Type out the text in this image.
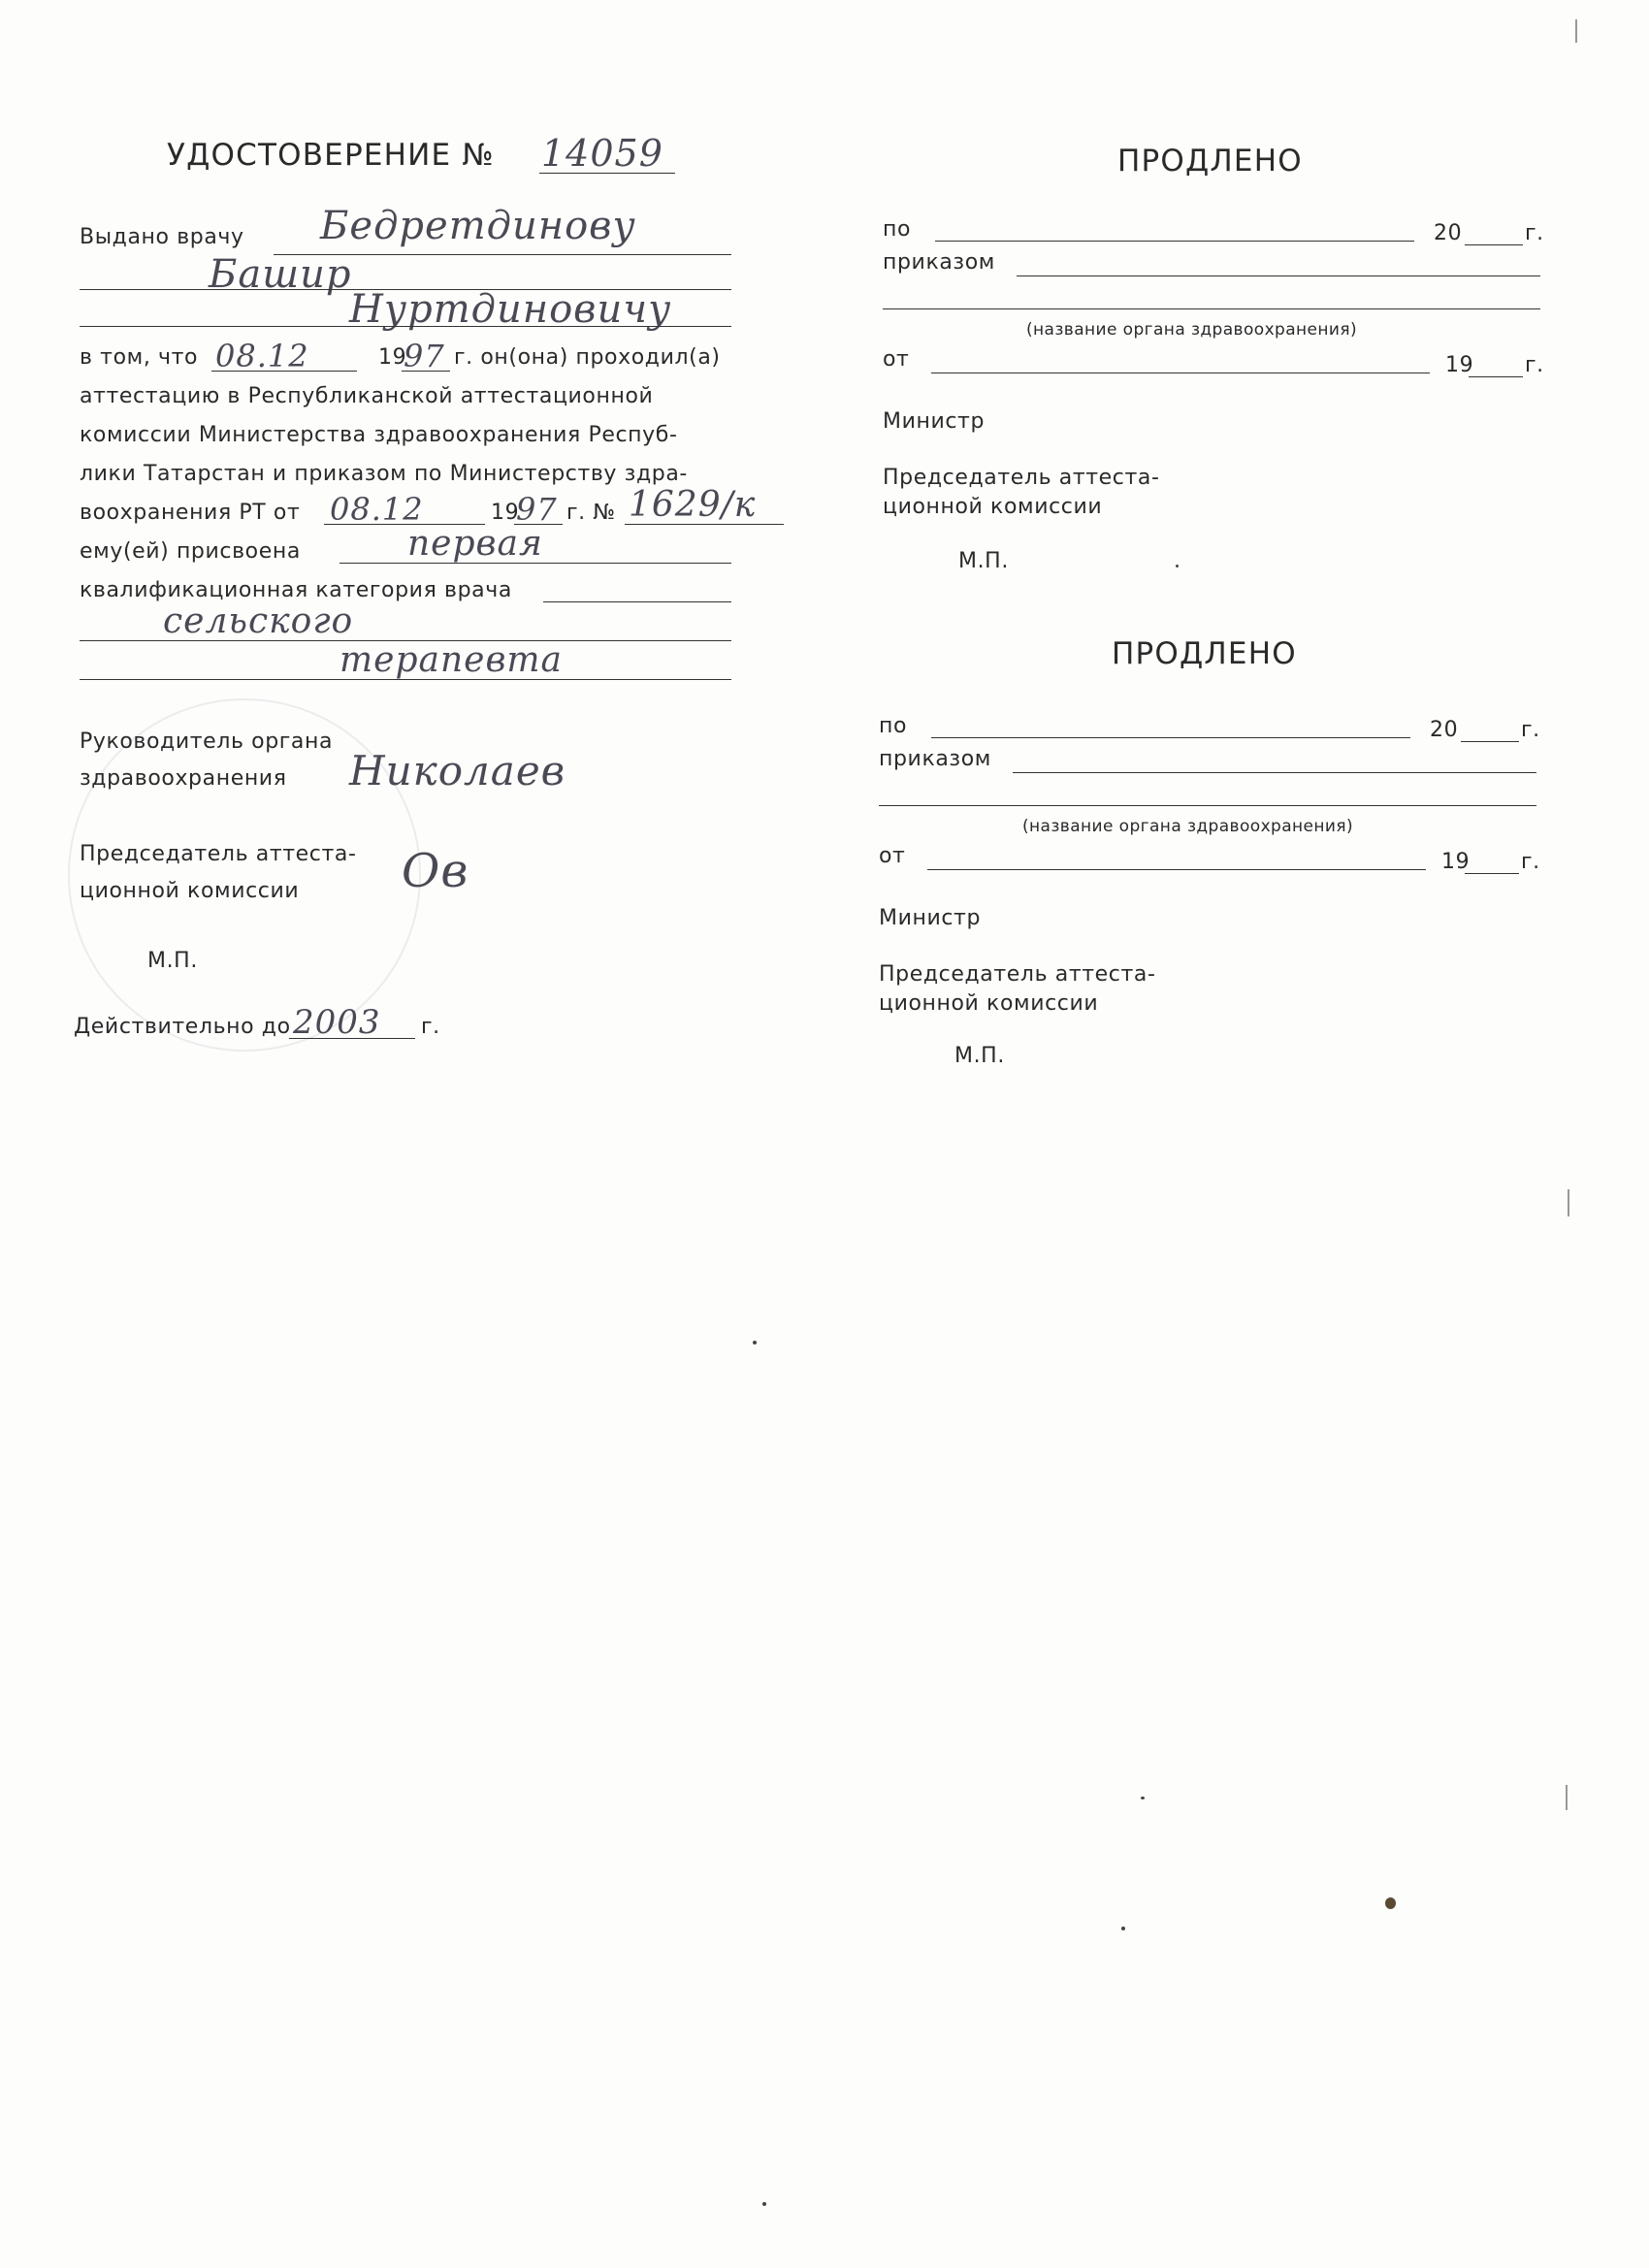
УДОСТОВЕРЕНИЕ № 14059
Выдано врачу Бедретдинову
Башир
Нуртдиновичу
в том, что 08.12	19
97 г. он(она) проходил(а)
аттестацию в Республиканской аттестационной
комиссии Министерства здравоохранения Респуб-
лики Татарстан и приказом по Министерству здра-
воохранения РТ от 08.12	19
97 г. № 1629/к
ему(ей) присвоена	первая
квалификационная категория врача
сельского
терапевта
Руководитель органа
здравоохранения Николаев
Председатель аттеста-
ционной комиссии Ов
М.П.
Действительно до 2003 г.
ПРОДЛЕНО
по	20	г.
приказом
(название органа здравоохранения)
от	19 г.
Министр
Председатель аттеста-
ционной комиссии
М.П.
ПРОДЛЕНО
по	20	г.
приказом
(название органа здравоохранения)
от	19 г.
Министр
Председатель аттеста-
ционной комиссии
М.П.
